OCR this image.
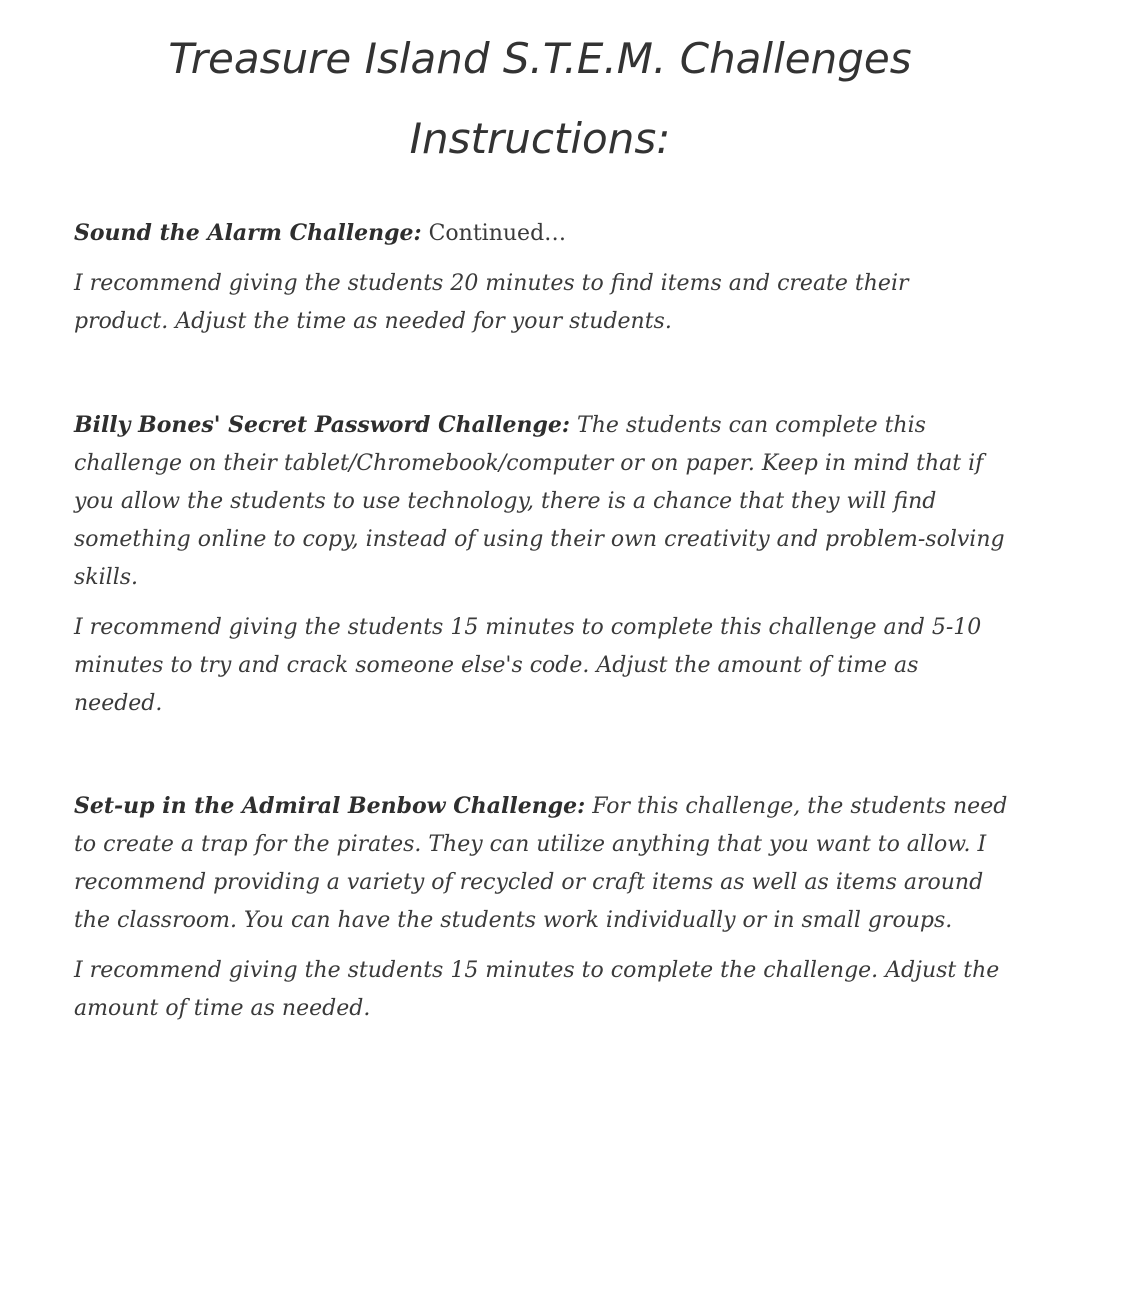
Treasure Island S.T.E.M. Challenges
Instructions:

Sound the Alarm Challenge: Continued…

I recommend giving the students 20 minutes to find items and create their product. Adjust the time as needed for your students.

Billy Bones' Secret Password Challenge: The students can complete this challenge on their tablet/Chromebook/computer or on paper. Keep in mind that if you allow the students to use technology, there is a chance that they will find something online to copy, instead of using their own creativity and problem-solving skills.

I recommend giving the students 15 minutes to complete this challenge and 5-10 minutes to try and crack someone else's code. Adjust the amount of time as needed.

Set-up in the Admiral Benbow Challenge: For this challenge, the students need to create a trap for the pirates. They can utilize anything that you want to allow. I recommend providing a variety of recycled or craft items as well as items around the classroom. You can have the students work individually or in small groups.

I recommend giving the students 15 minutes to complete the challenge. Adjust the amount of time as needed.
